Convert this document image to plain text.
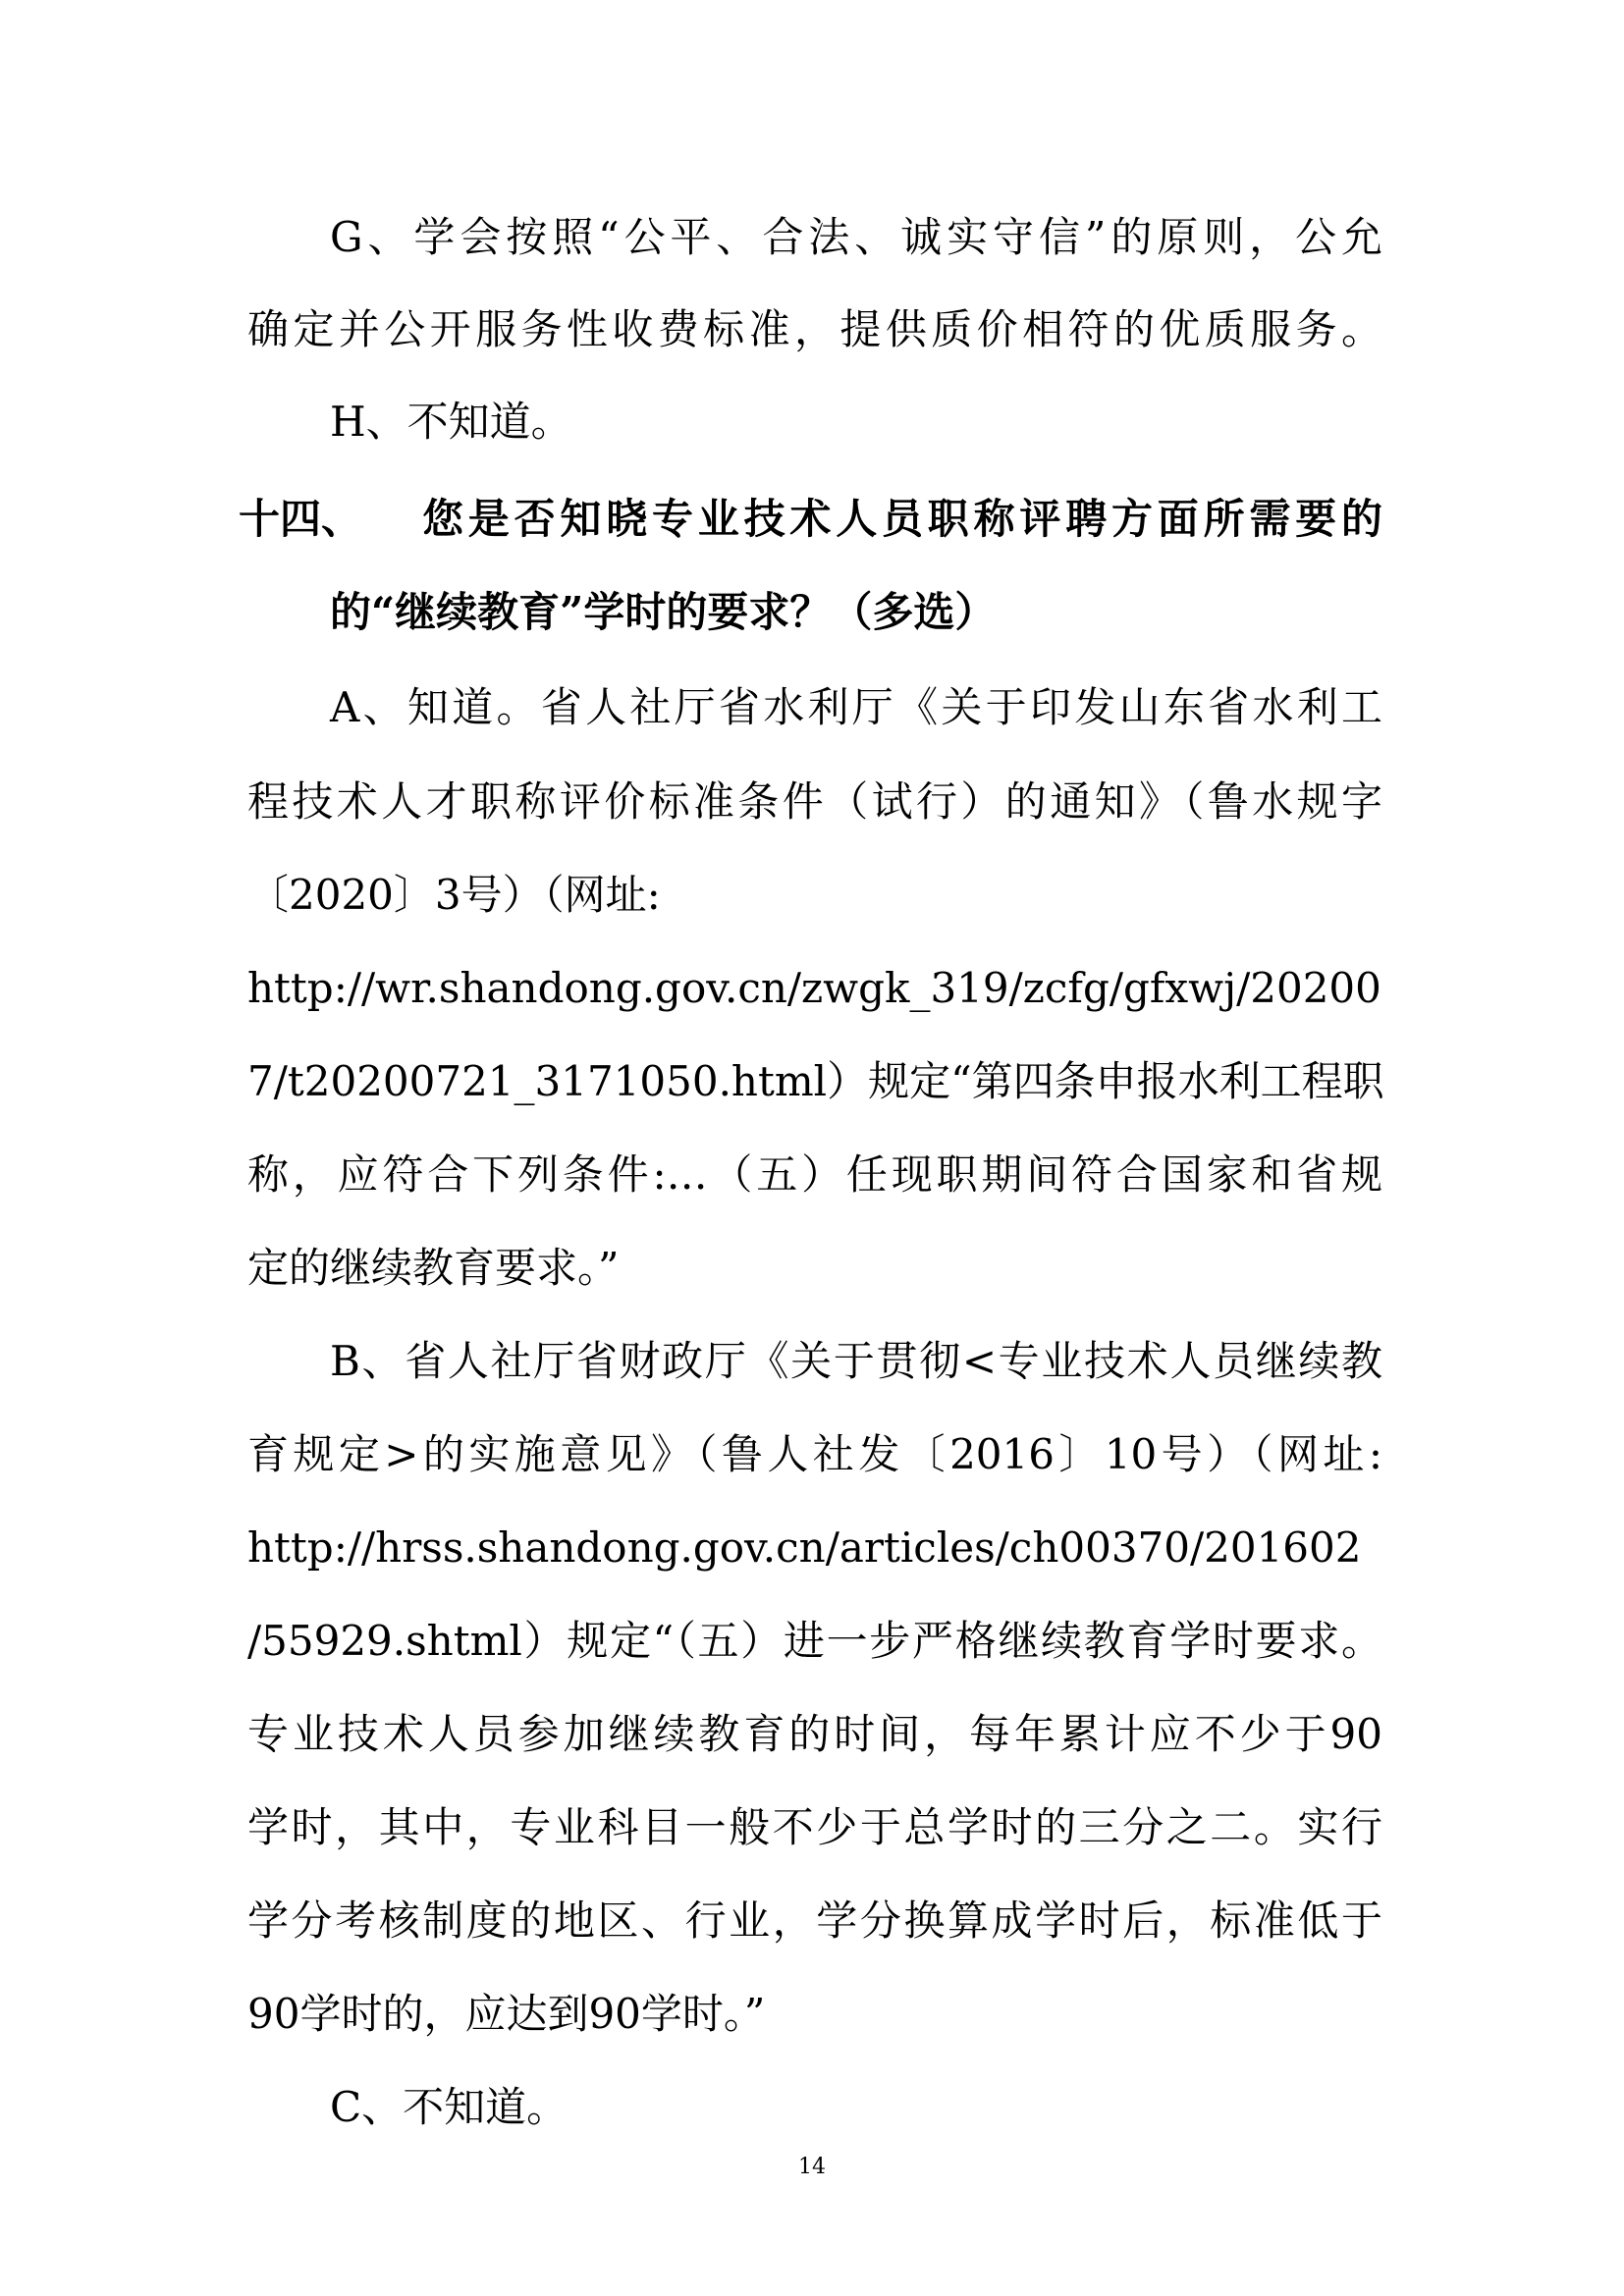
G、学会按照“公平、合法、诚实守信”的原则，公允
确定并公开服务性收费标准，提供质价相符的优质服务。
H、不知道。
十四、 您是否知晓专业技术人员职称评聘方面所需要的
的“继续教育”学时的要求？（多选）
A、知道。省人社厅省水利厅《关于印发山东省水利工
程技术人才职称评价标准条件（试行）的通知》（鲁水规字
〔2020〕3号）（网址:
http://wr.shandong.gov.cn/zwgk_319/zcfg/gfxwj/20200
7/t20200721_3171050.html）规定“第四条申报水利工程职
称，应符合下列条件:…（五）任现职期间符合国家和省规
定的继续教育要求。”
B、省人社厅省财政厅《关于贯彻<专业技术人员继续教
育规定>的实施意见》（鲁人社发〔2016〕10号）（网址:
http://hrss.shandong.gov.cn/articles/ch00370/201602
/55929.shtml）规定“（五）进一步严格继续教育学时要求。
专业技术人员参加继续教育的时间，每年累计应不少于90
学时，其中，专业科目一般不少于总学时的三分之二。实行
学分考核制度的地区、行业，学分换算成学时后，标准低于
90学时的，应达到90学时。”
C、不知道。
14
